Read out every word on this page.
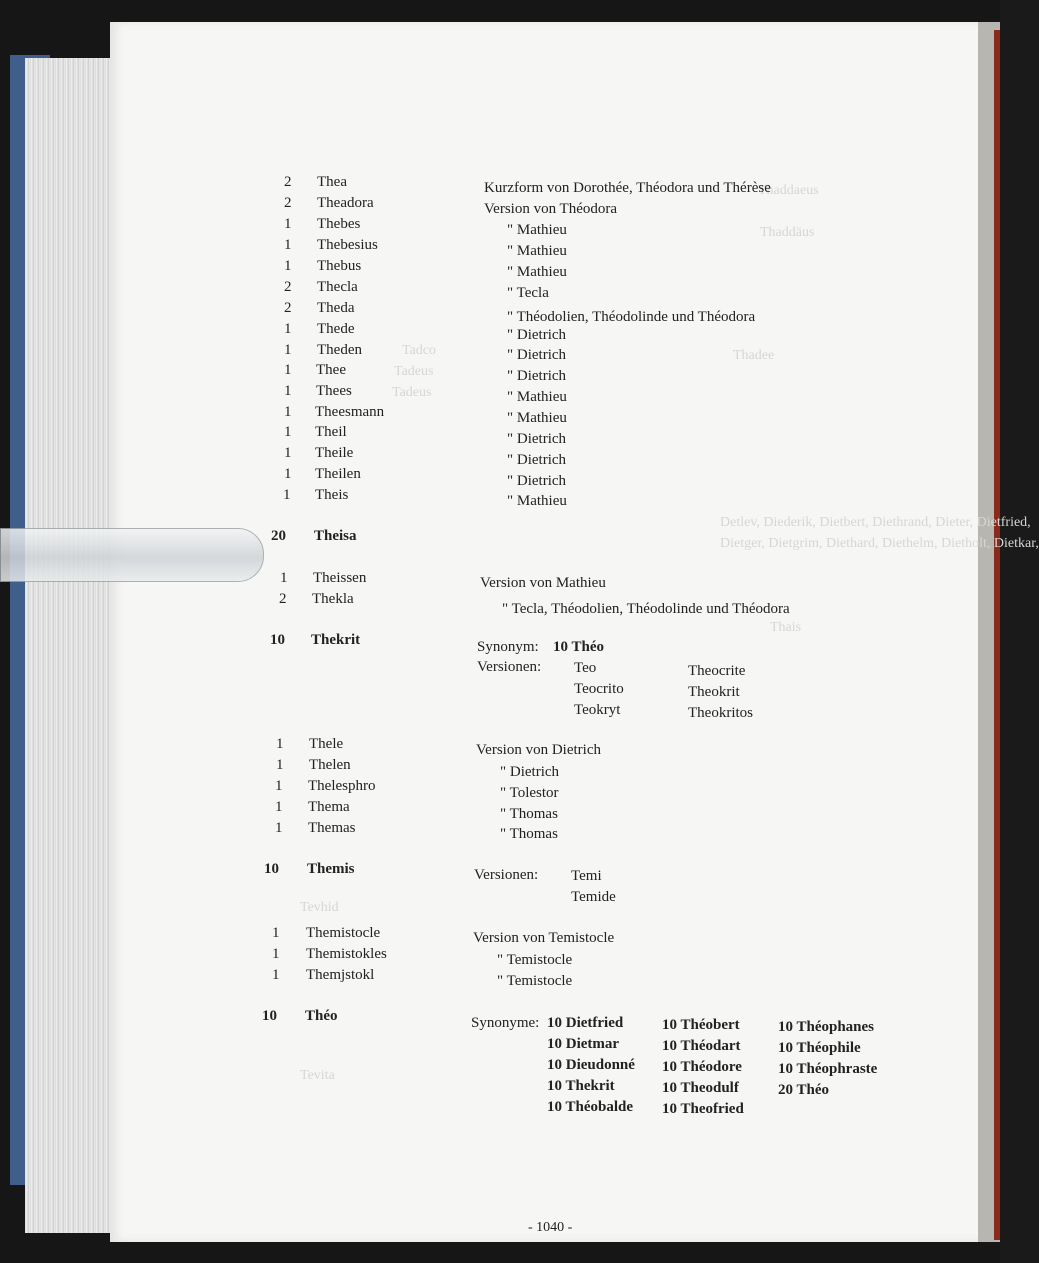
Tadco
Tadeus
Tadeus
Thaddaeus
Thaddäus
Thadee
Detlev, Diederik, Dietbert, Diethrand, Dieter, Dietfried,
Dietger, Dietgrim, Diethard, Diethelm, Dietholt, Dietkar,
Thais
Tevhid
Tevita
2 Thea
2 Theadora
1 Thebes
1 Thebesius
1 Thebus
2 Thecla
2 Theda
1 Thede
1 Theden
1 Thee
1 Thees
1 Theesmann
1 Theil
1 Theile
1 Theilen
1 Theis
20 Theisa
1 Theissen
2 Thekla
10 Thekrit
1 Thele
1 Thelen
1 Thelesphro
1 Thema
1 Themas
10 Themis
1 Themistocle
1 Themistokles
1 Themjstokl
10 Théo
Kurzform von Dorothée, Théodora und Thérèse
Version von Théodora
" Mathieu
" Mathieu
" Mathieu
" Tecla
" Théodolien, Théodolinde und Théodora
" Dietrich
" Dietrich
" Dietrich
" Mathieu
" Mathieu
" Dietrich
" Dietrich
" Dietrich
" Mathieu
Version von Mathieu
" Tecla, Théodolien, Théodolinde und Théodora
Synonym:
Versionen: Teo
Teocrito
Teokryt
Theocrite
Theokrit
Theokritos
Version von Dietrich
" Dietrich
" Tolestor
" Thomas
" Thomas
Versionen: Temi
Temide
Version von Temistocle
" Temistocle
" Temistocle
Synonyme:
10 Théo
10 Dietfried
10 Dietmar
10 Dieudonné
10 Thekrit
10 Théobalde
10 Théobert
10 Théodart
10 Théodore
10 Theodulf
10 Theofried
10 Théophanes
10 Théophile
10 Théophraste
20 Théo
- 1040 -
